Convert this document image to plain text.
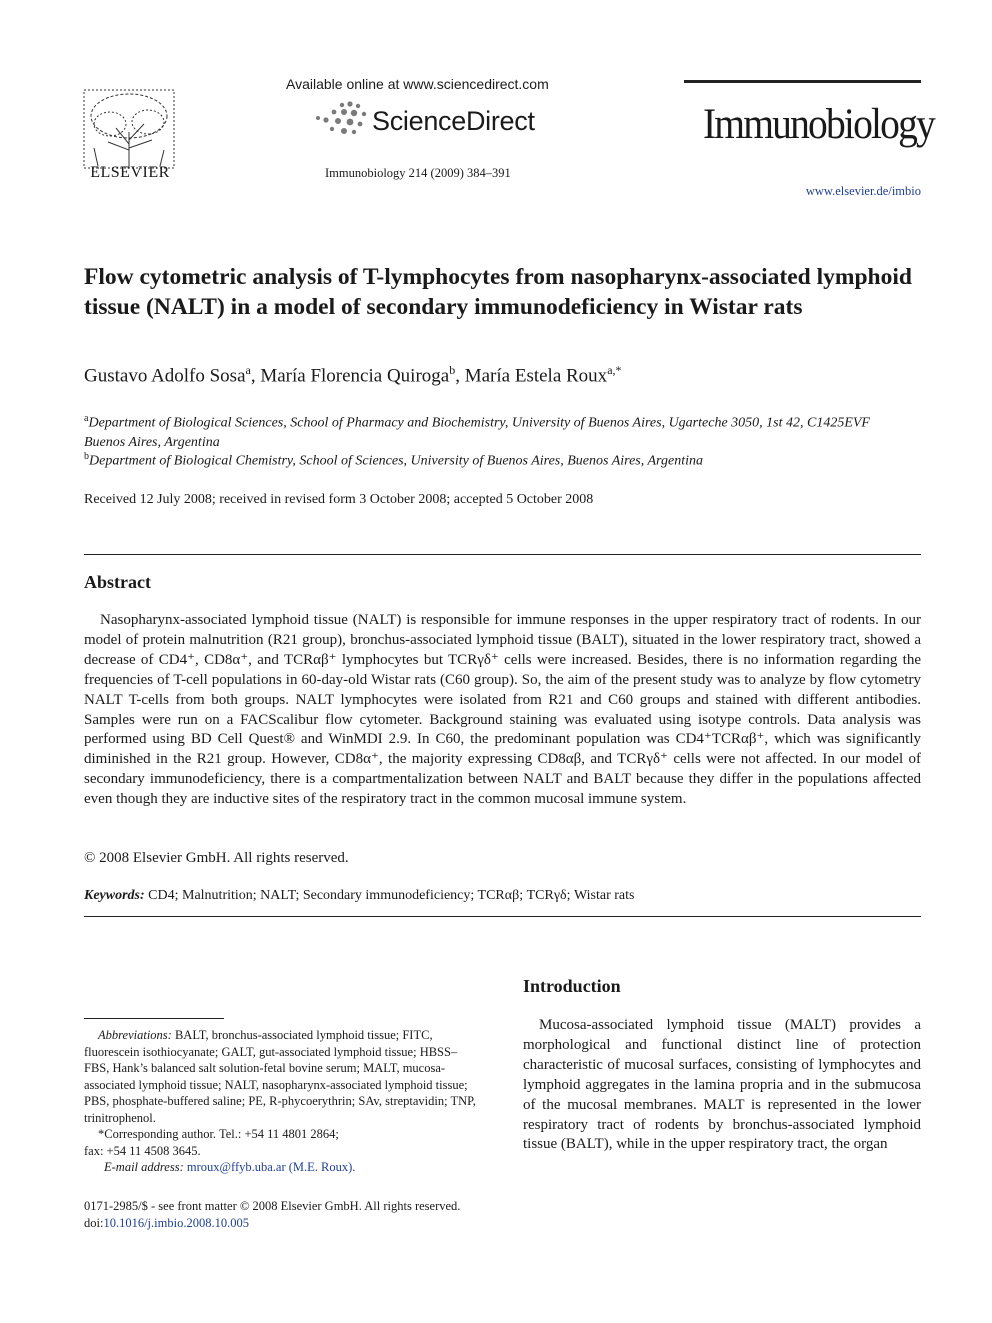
ELSEVIER
Available online at www.sciencedirect.com
ScienceDirect
Immunobiology 214 (2009) 384–391
Immunobiology
www.elsevier.de/imbio
Flow cytometric analysis of T-lymphocytes from nasopharynx-associated lymphoid tissue (NALT) in a model of secondary immunodeficiency in Wistar rats
Gustavo Adolfo Sosa$^a$, María Florencia Quiroga$^b$, María Estela Roux$^{a,*}$
$^a$Department of Biological Sciences, School of Pharmacy and Biochemistry, University of Buenos Aires, Ugarteche 3050, 1st 42, C1425EVF Buenos Aires, Argentina
$^b$Department of Biological Chemistry, School of Sciences, University of Buenos Aires, Buenos Aires, Argentina
Received 12 July 2008; received in revised form 3 October 2008; accepted 5 October 2008
Abstract
Nasopharynx-associated lymphoid tissue (NALT) is responsible for immune responses in the upper respiratory tract of rodents. In our model of protein malnutrition (R21 group), bronchus-associated lymphoid tissue (BALT), situated in the lower respiratory tract, showed a decrease of CD4⁺, CD8α⁺, and TCRαβ⁺ lymphocytes but TCRγδ⁺ cells were increased. Besides, there is no information regarding the frequencies of T-cell populations in 60-day-old Wistar rats (C60 group). So, the aim of the present study was to analyze by flow cytometry NALT T-cells from both groups. NALT lymphocytes were isolated from R21 and C60 groups and stained with different antibodies. Samples were run on a FACScalibur flow cytometer. Background staining was evaluated using isotype controls. Data analysis was performed using BD Cell Quest® and WinMDI 2.9. In C60, the predominant population was CD4⁺TCRαβ⁺, which was significantly diminished in the R21 group. However, CD8α⁺, the majority expressing CD8αβ, and TCRγδ⁺ cells were not affected. In our model of secondary immunodeficiency, there is a compartmentalization between NALT and BALT because they differ in the populations affected even though they are inductive sites of the respiratory tract in the common mucosal immune system.
© 2008 Elsevier GmbH. All rights reserved.
Keywords: CD4; Malnutrition; NALT; Secondary immunodeficiency; TCRαβ; TCRγδ; Wistar rats
Abbreviations: BALT, bronchus-associated lymphoid tissue; FITC, fluorescein isothiocyanate; GALT, gut-associated lymphoid tissue; HBSS–FBS, Hank’s balanced salt solution-fetal bovine serum; MALT, mucosa-associated lymphoid tissue; NALT, nasopharynx-associated lymphoid tissue; PBS, phosphate-buffered saline; PE, R-phycoerythrin; SAv, streptavidin; TNP, trinitrophenol.
*Corresponding author. Tel.: +54 11 4801 2864;
fax: +54 11 4508 3645.
E-mail address: mroux@ffyb.uba.ar (M.E. Roux).
0171-2985/$ - see front matter © 2008 Elsevier GmbH. All rights reserved.
doi:10.1016/j.imbio.2008.10.005
Introduction
Mucosa-associated lymphoid tissue (MALT) provides a morphological and functional distinct line of protection characteristic of mucosal surfaces, consisting of lymphocytes and lymphoid aggregates in the lamina propria and in the submucosa of the mucosal membranes. MALT is represented in the lower respiratory tract of rodents by bronchus-associated lymphoid tissue (BALT), while in the upper respiratory tract, the organ
